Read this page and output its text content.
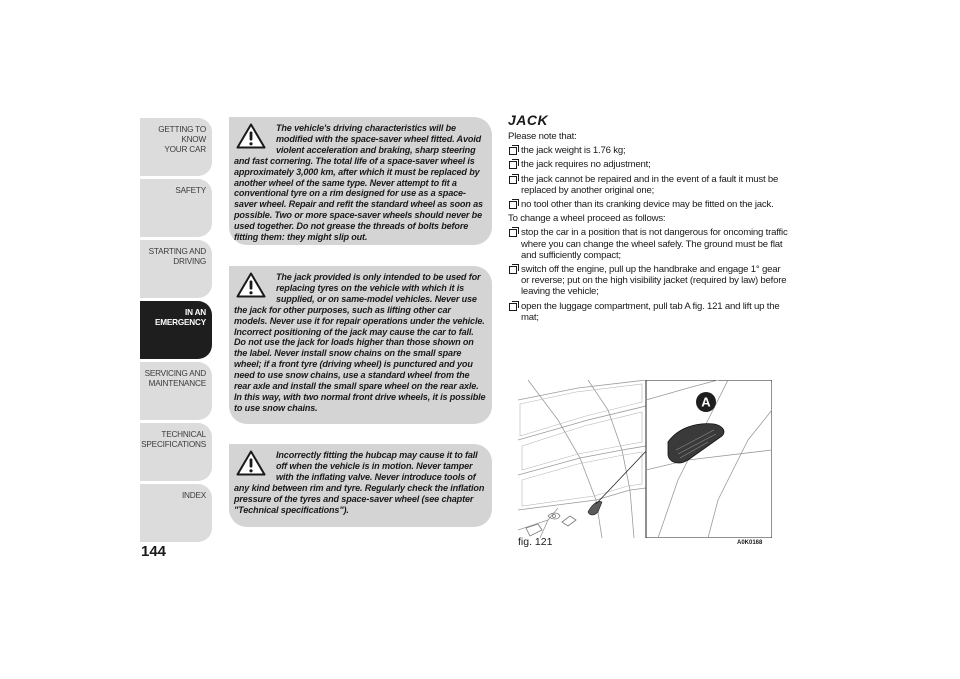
GETTING TO KNOW
YOUR CAR
SAFETY
STARTING AND
DRIVING
IN AN
EMERGENCY
SERVICING AND
MAINTENANCE
TECHNICAL
SPECIFICATIONS
INDEX
144

The vehicle's driving characteristics will be modified with the space-saver wheel fitted. Avoid violent acceleration and braking, sharp steering and fast cornering. The total life of a space-saver wheel is approximately 3,000 km, after which it must be replaced by another wheel of the same type. Never attempt to fit a conventional tyre on a rim designed for use as a space-saver wheel. Repair and refit the standard wheel as soon as possible. Two or more space-saver wheels should never be used together. Do not grease the threads of bolts before fitting them: they might slip out.

The jack provided is only intended to be used for replacing tyres on the vehicle with which it is supplied, or on same-model vehicles. Never use the jack for other purposes, such as lifting other car models. Never use it for repair operations under the vehicle. Incorrect positioning of the jack may cause the car to fall. Do not use the jack for loads higher than those shown on the label. Never install snow chains on the small spare wheel; if a front tyre (driving wheel) is punctured and you need to use snow chains, use a standard wheel from the rear axle and install the small spare wheel on the rear axle. In this way, with two normal front drive wheels, it is possible to use snow chains.

Incorrectly fitting the hubcap may cause it to fall off when the vehicle is in motion. Never tamper with the inflating valve. Never introduce tools of any kind between rim and tyre. Regularly check the inflation pressure of the tyres and space-saver wheel (see chapter "Technical specifications").

JACK
Please note that:
the jack weight is 1.76 kg;
the jack requires no adjustment;
the jack cannot be repaired and in the event of a fault it must be replaced by another original one;
no tool other than its cranking device may be fitted on the jack.
To change a wheel proceed as follows:
stop the car in a position that is not dangerous for oncoming traffic where you can change the wheel safely. The ground must be flat and sufficiently compact;
switch off the engine, pull up the handbrake and engage 1° gear or reverse; put on the high visibility jacket (required by law) before leaving the vehicle;
open the luggage compartment, pull tab A fig. 121 and lift up the mat;
A
fig. 121	A0K0168
